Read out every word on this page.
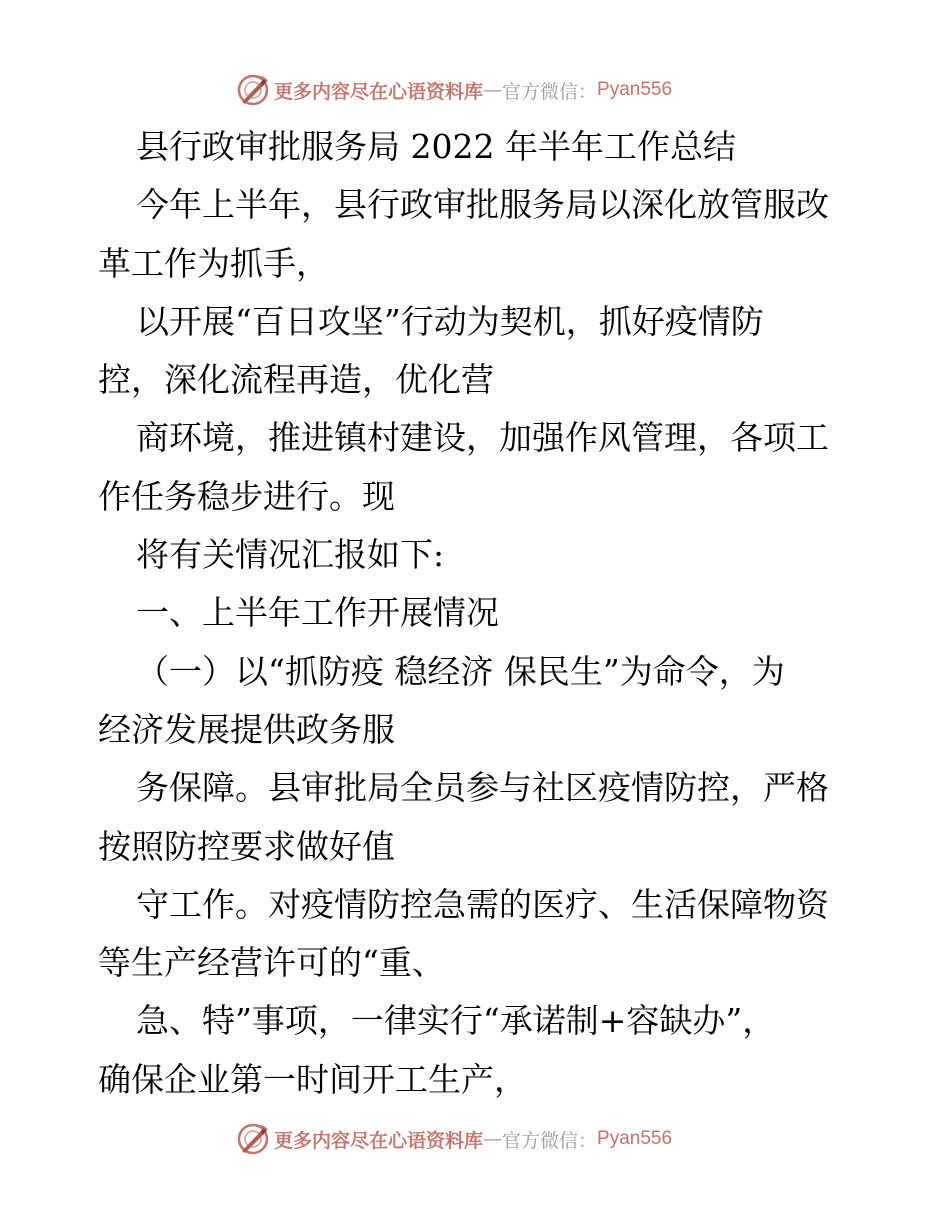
更多内容尽在心语资料库 — 官方微信： Pyan556
县行政审批服务局 2022 年半年工作总结
今年上半年，县行政审批服务局以深化放管服改
革工作为抓手，
以开展“百日攻坚”行动为契机，抓好疫情防
控，深化流程再造，优化营
商环境，推进镇村建设，加强作风管理，各项工
作任务稳步进行。现
将有关情况汇报如下:
一、上半年工作开展情况
（一）以“抓防疫 稳经济 保民生”为命令，为
经济发展提供政务服
务保障。县审批局全员参与社区疫情防控，严格
按照防控要求做好值
守工作。对疫情防控急需的医疗、生活保障物资
等生产经营许可的“重、
急、特”事项，一律实行“承诺制+容缺办”，
确保企业第一时间开工生产，
更多内容尽在心语资料库 — 官方微信： Pyan556
